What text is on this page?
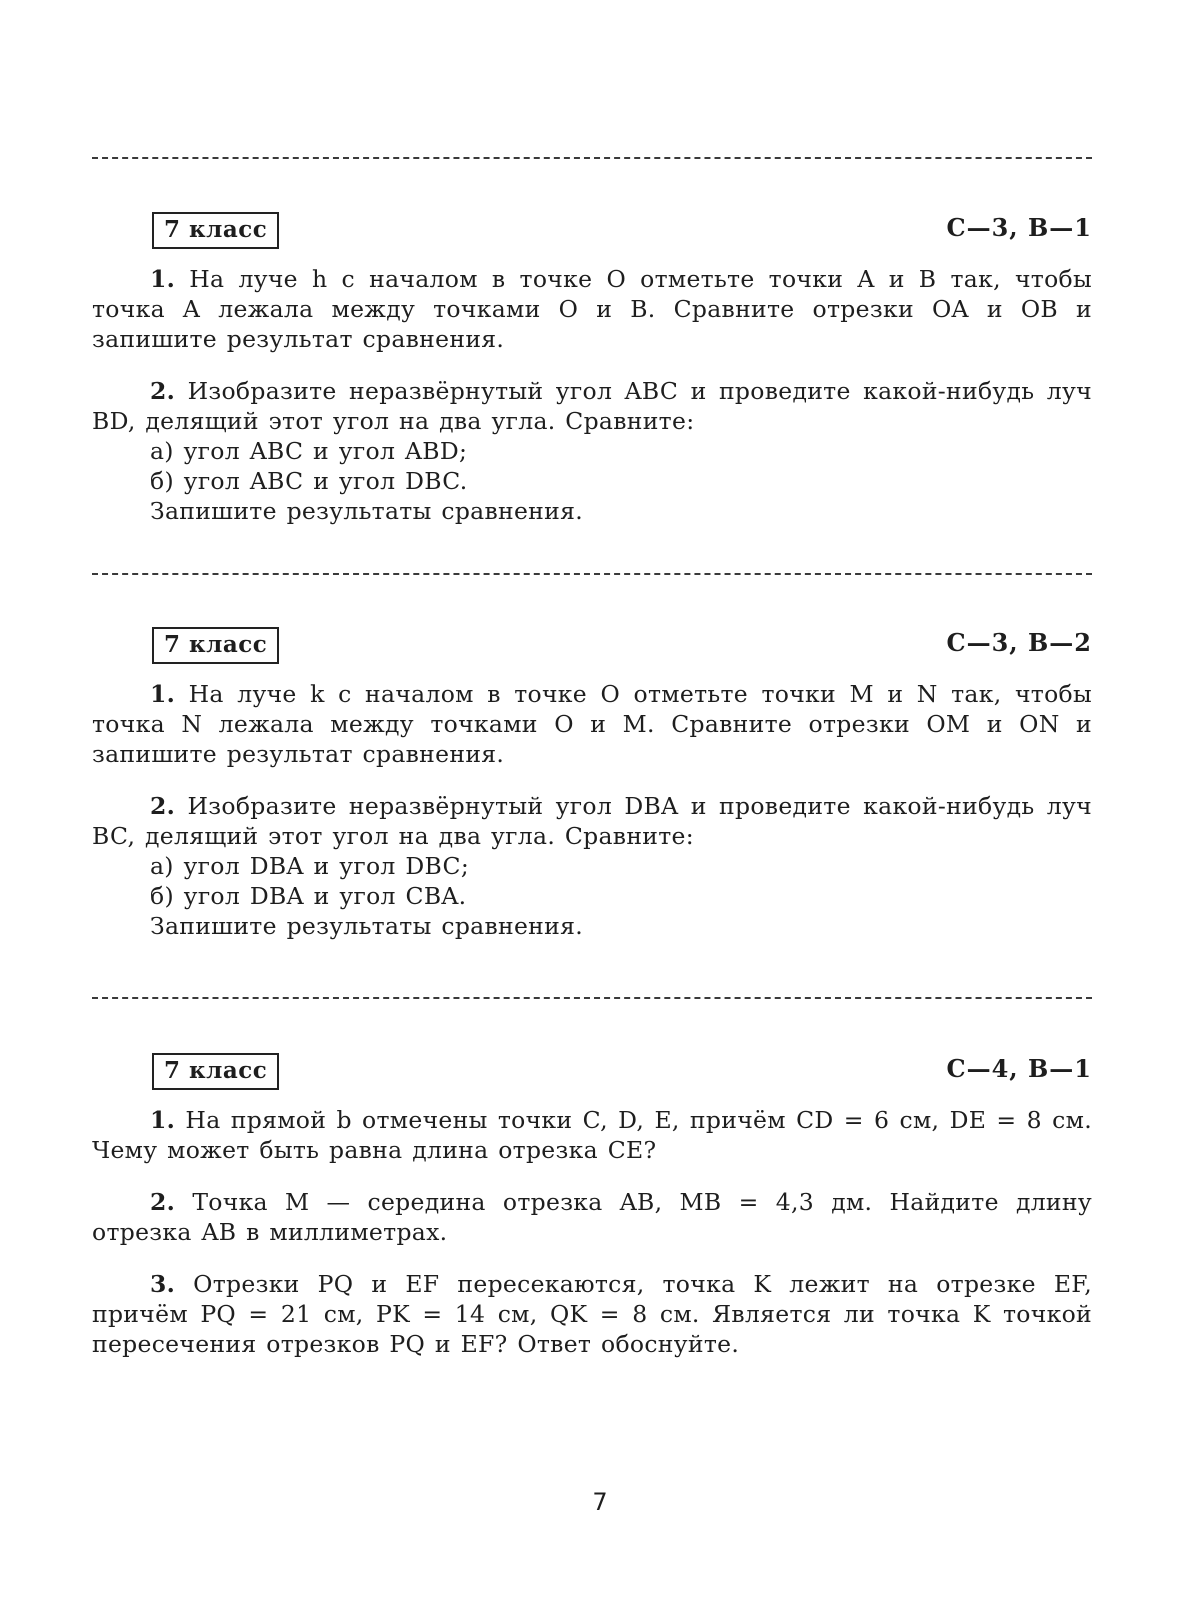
7 класс	С—3, В—1

1. На луче h с началом в точке O отметьте точки A и B так, чтобы точка A лежала между точками O и B. Сравните отрезки OA и OB и запишите результат сравнения.

2. Изобразите неразвёрнутый угол ABC и проведите какой-нибудь луч BD, делящий этот угол на два угла. Сравните:
а) угол ABC и угол ABD;
б) угол ABC и угол DBC.
Запишите результаты сравнения.

7 класс	С—3, В—2

1. На луче k с началом в точке O отметьте точки M и N так, чтобы точка N лежала между точками O и M. Сравните отрезки OM и ON и запишите результат сравнения.

2. Изобразите неразвёрнутый угол DBA и проведите какой-нибудь луч BC, делящий этот угол на два угла. Сравните:
а) угол DBA и угол DBC;
б) угол DBA и угол CBA.
Запишите результаты сравнения.

7 класс	С—4, В—1

1. На прямой b отмечены точки C, D, E, причём CD = 6 см, DE = 8 см. Чему может быть равна длина отрезка CE?

2. Точка M — середина отрезка AB, MB = 4,3 дм. Найдите длину отрезка AB в миллиметрах.

3. Отрезки PQ и EF пересекаются, точка K лежит на отрезке EF, причём PQ = 21 см, PK = 14 см, QK = 8 см. Является ли точка K точкой пересечения отрезков PQ и EF? Ответ обоснуйте.

7
